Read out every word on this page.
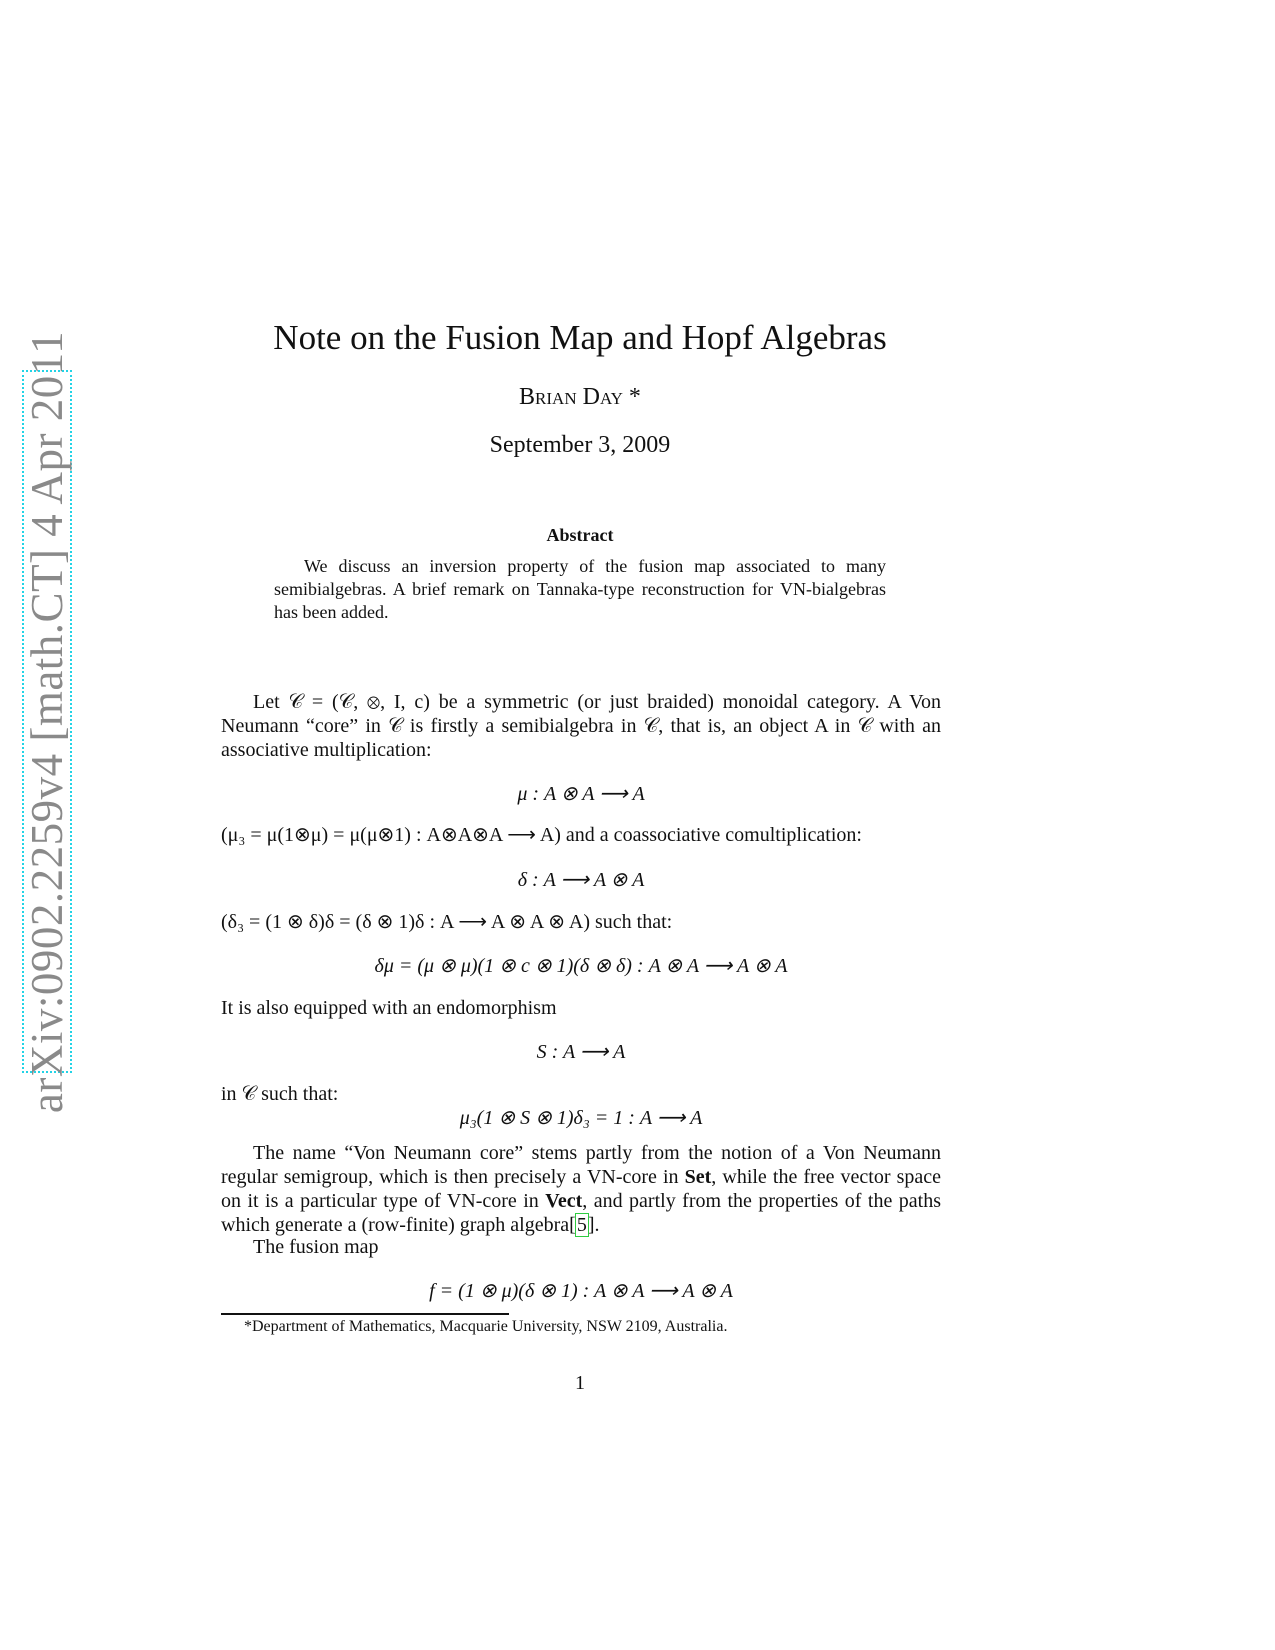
arXiv:0902.2259v4 [math.CT] 4 Apr 2011	Note on the Fusion Map and Hopf Algebras
Brian Day *
September 3, 2009
Abstract
We discuss an inversion property of the fusion map associated to many semibialgebras. A brief remark on Tannaka-type reconstruction for VN-bialgebras has been added.
Let 𝒞 = (𝒞, ⊗, I, c) be a symmetric (or just braided) monoidal category. A Von Neumann “core” in 𝒞 is firstly a semibialgebra in 𝒞, that is, an object A in 𝒞 with an associative multiplication:
μ : A ⊗ A ⟶ A
(μ₃ = μ(1⊗μ) = μ(μ⊗1) : A⊗A⊗A ⟶ A) and a coassociative comultiplication:
δ : A ⟶ A ⊗ A
(δ₃ = (1 ⊗ δ)δ = (δ ⊗ 1)δ : A ⟶ A ⊗ A ⊗ A) such that:
δμ = (μ ⊗ μ)(1 ⊗ c ⊗ 1)(δ ⊗ δ) : A ⊗ A ⟶ A ⊗ A
It is also equipped with an endomorphism
S : A ⟶ A
in 𝒞 such that:
μ₃(1 ⊗ S ⊗ 1)δ₃ = 1 : A ⟶ A
The name “Von Neumann core” stems partly from the notion of a Von Neumann regular semigroup, which is then precisely a VN-core in Set, while the free vector space on it is a particular type of VN-core in Vect, and partly from the properties of the paths which generate a (row-finite) graph algebra[5].
The fusion map
f = (1 ⊗ μ)(δ ⊗ 1) : A ⊗ A ⟶ A ⊗ A
*Department of Mathematics, Macquarie University, NSW 2109, Australia.
1
